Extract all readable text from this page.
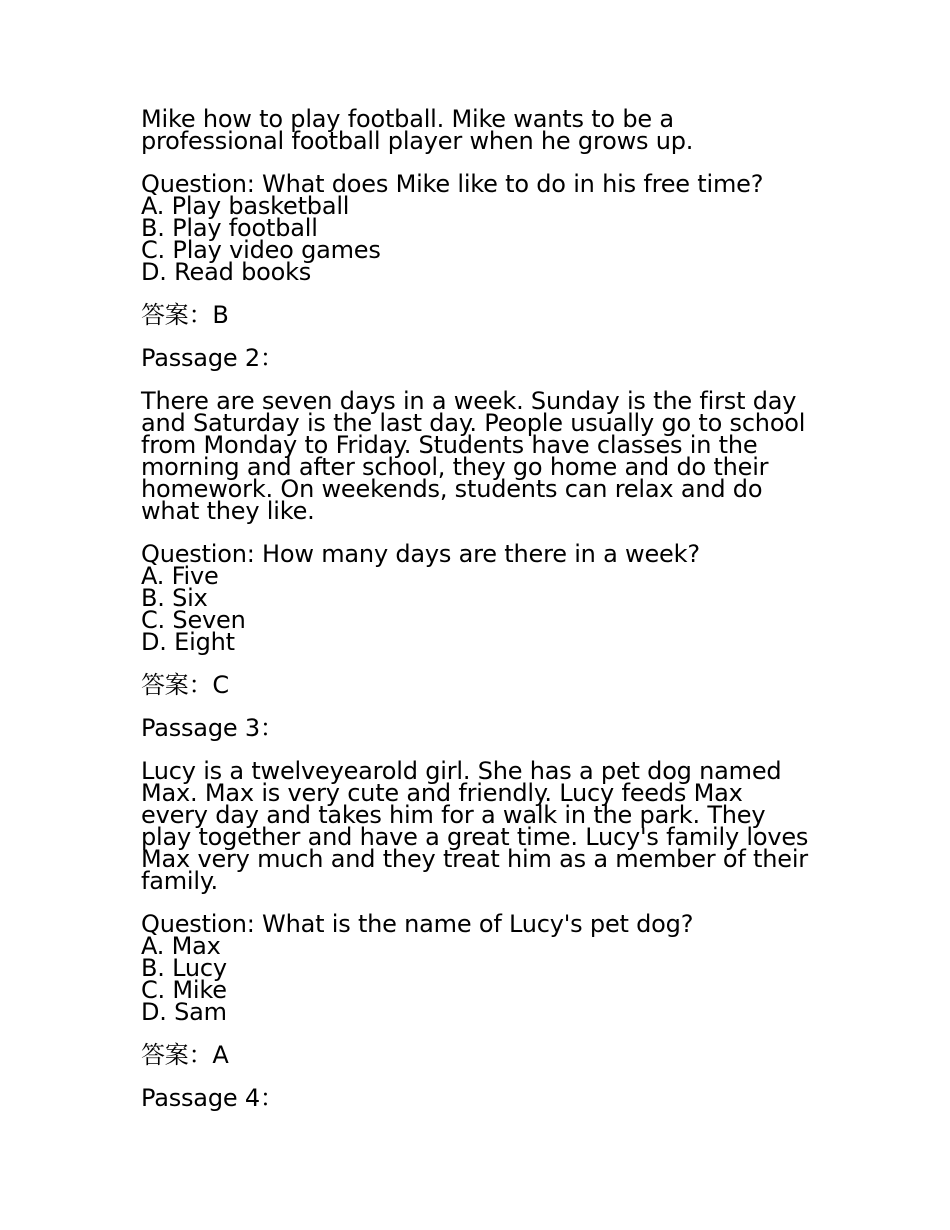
Mike how to play football. Mike wants to be a
professional football player when he grows up.
Question: What does Mike like to do in his free time?
A. Play basketball
B. Play football
C. Play video games
D. Read books
答案：B
Passage 2：
There are seven days in a week. Sunday is the first day
and Saturday is the last day. People usually go to school
from Monday to Friday. Students have classes in the
morning and after school, they go home and do their
homework. On weekends, students can relax and do
what they like.
Question: How many days are there in a week?
A. Five
B. Six
C. Seven
D. Eight
答案：C
Passage 3：
Lucy is a twelveyearold girl. She has a pet dog named
Max. Max is very cute and friendly. Lucy feeds Max
every day and takes him for a walk in the park. They
play together and have a great time. Lucy's family loves
Max very much and they treat him as a member of their
family.
Question: What is the name of Lucy's pet dog?
A. Max
B. Lucy
C. Mike
D. Sam
答案：A
Passage 4：
